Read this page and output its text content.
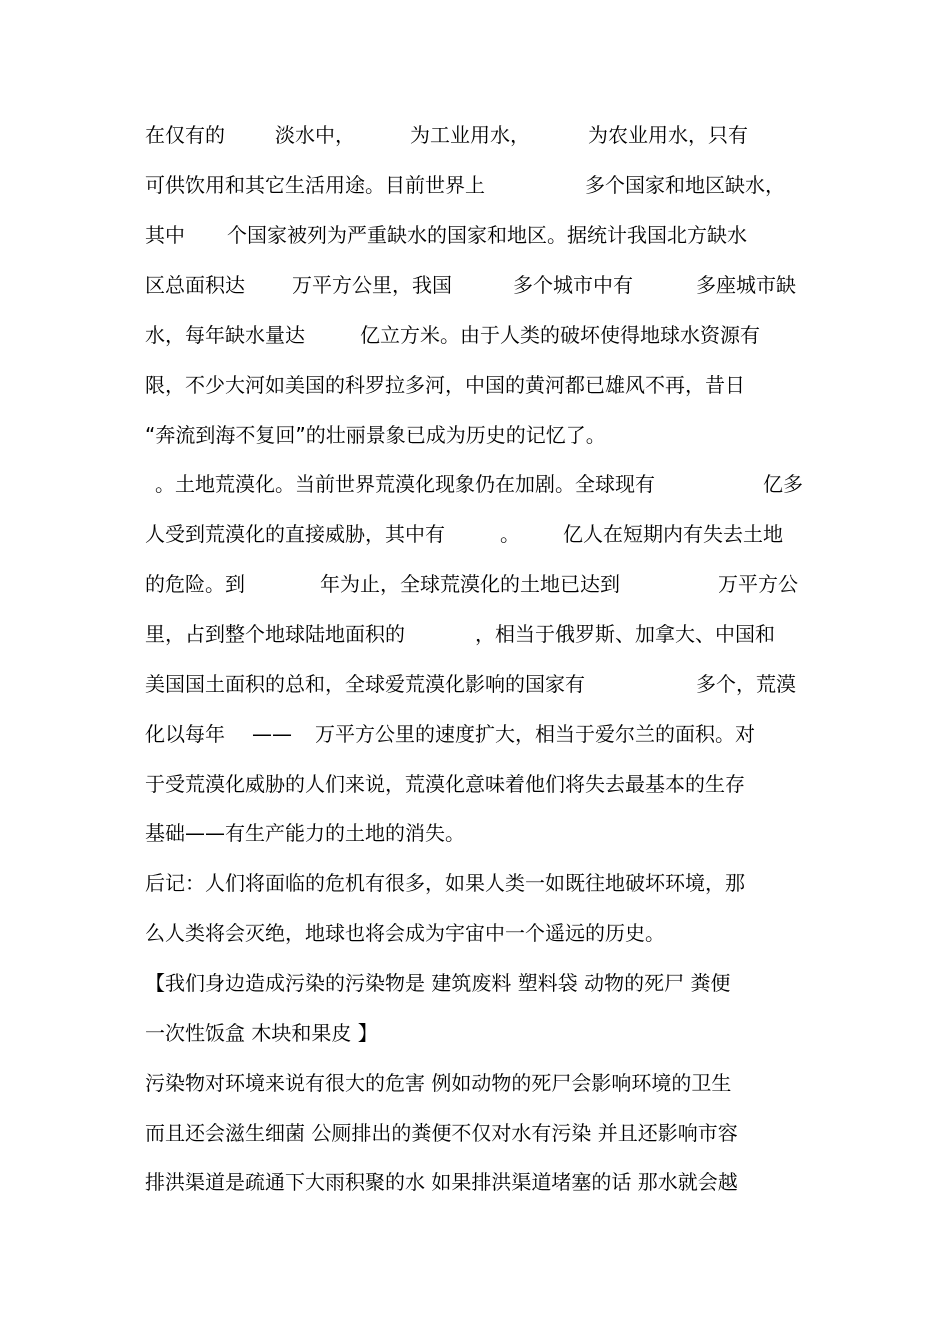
在仅有的	淡水中，	为工业用水，	为农业用水，只有
可供饮用和其它生活用途。目前世界上	多个国家和地区缺水，
其中 个国家被列为严重缺水的国家和地区。据统计我国北方缺水
区总面积达 万平方公里，我国	多个城市中有	多座城市缺
水，每年缺水量达	亿立方米。由于人类的破坏使得地球水资源有
限，不少大河如美国的科罗拉多河，中国的黄河都已雄风不再，昔日
“奔流到海不复回”的壮丽景象已成为历史的记忆了。
。土地荒漠化。当前世界荒漠化现象仍在加剧。全球现有	亿多
人受到荒漠化的直接威胁，其中有	。 亿人在短期内有失去土地
的危险。到	年为止，全球荒漠化的土地已达到	万平方公
里，占到整个地球陆地面积的	，相当于俄罗斯、加拿大、中国和
美国国土面积的总和，全球爱荒漠化影响的国家有	多个，荒漠
化以每年 —— 万平方公里的速度扩大，相当于爱尔兰的面积。对
于受荒漠化威胁的人们来说，荒漠化意味着他们将失去最基本的生存
基础——有生产能力的土地的消失。
后记：人们将面临的危机有很多，如果人类一如既往地破坏环境，那
么人类将会灭绝，地球也将会成为宇宙中一个遥远的历史。
【我们身边造成污染的污染物是 建筑废料 塑料袋 动物的死尸 粪便
一次性饭盒 木块和果皮 】
污染物对环境来说有很大的危害 例如动物的死尸会影响环境的卫生
而且还会滋生细菌 公厕排出的粪便不仅对水有污染 并且还影响市容
排洪渠道是疏通下大雨积聚的水 如果排洪渠道堵塞的话 那水就会越
